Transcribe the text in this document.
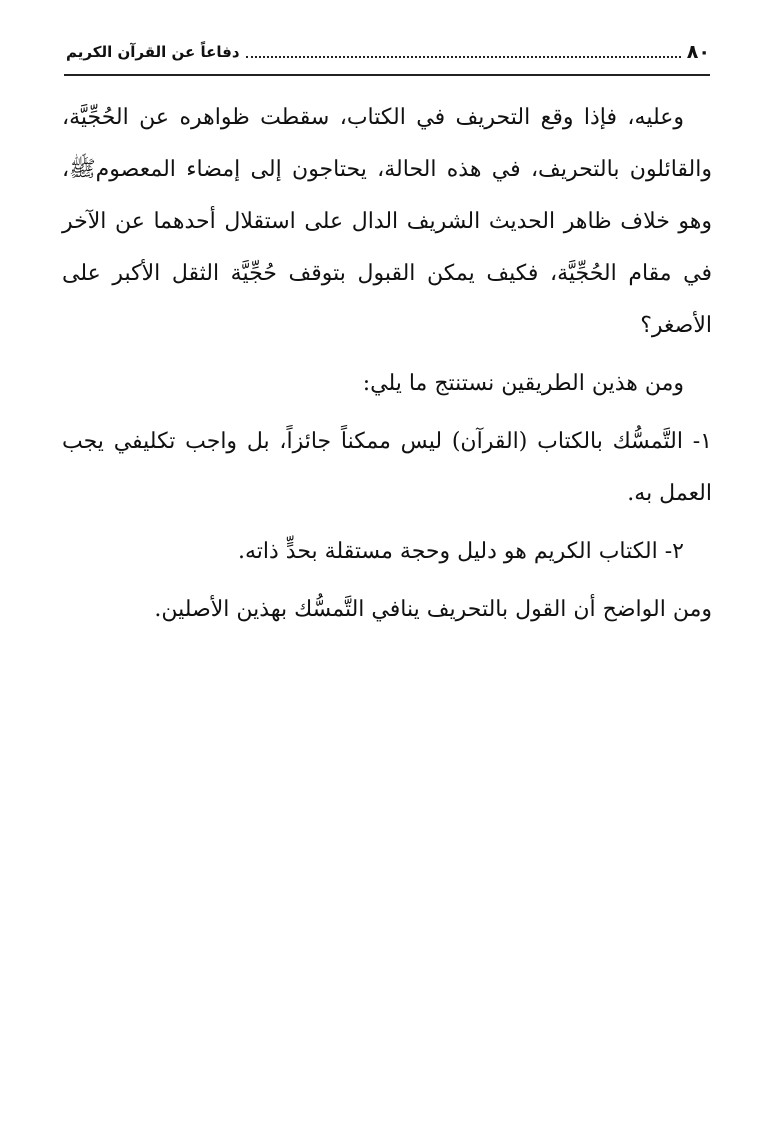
٨٠
دفاعاً عن القرآن الكريم

وعليه، فإذا وقع التحريف في الكتاب، سقطت ظواهره عن الحُجِّيَّة، والقائلون بالتحريف، في هذه الحالة، يحتاجون إلى إمضاء المعصومﷺ، وهو خلاف ظاهر الحديث الشريف الدال على استقلال أحدهما عن الآخر في مقام الحُجِّيَّة، فكيف يمكن القبول بتوقف حُجِّيَّة الثقل الأكبر على الأصغر؟

ومن هذين الطريقين نستنتج ما يلي:

١- التَّمسُّك بالكتاب (القرآن) ليس ممكناً جائزاً، بل واجب تكليفي يجب العمل به.

٢- الكتاب الكريم هو دليل وحجة مستقلة بحدٍّ ذاته.

ومن الواضح أن القول بالتحريف ينافي التَّمسُّك بهذين الأصلين.
